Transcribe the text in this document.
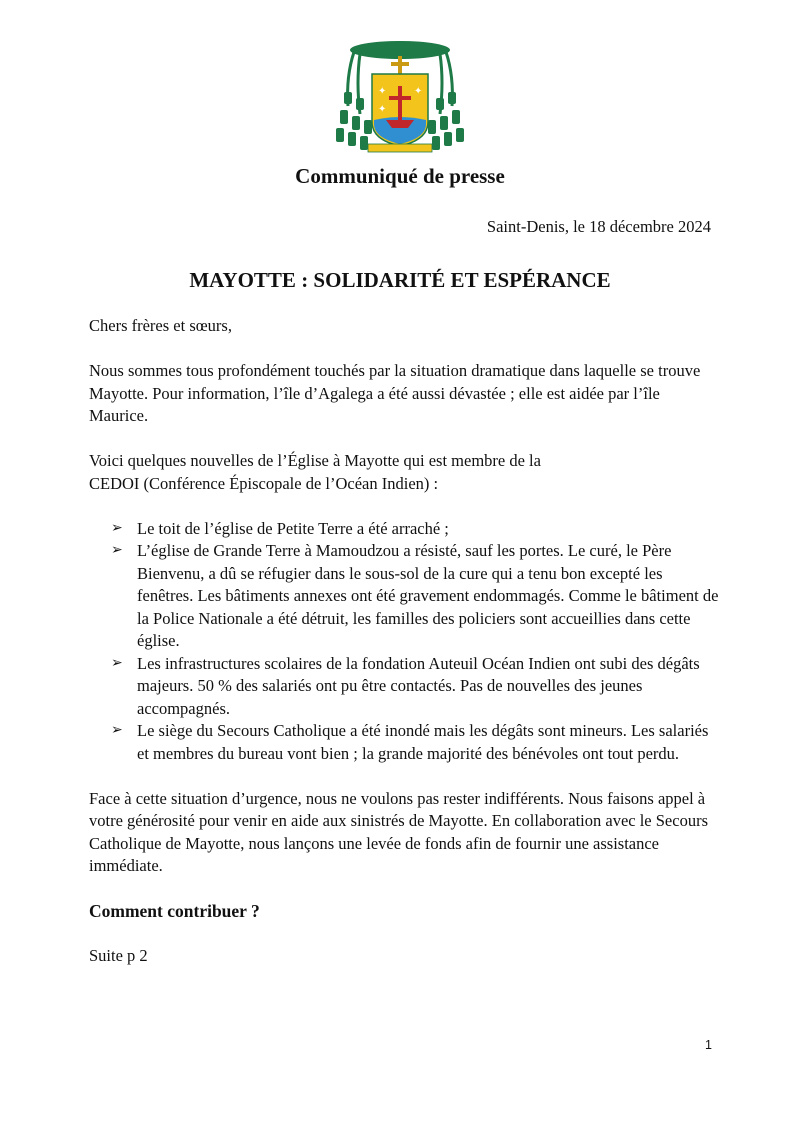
✦	✦
✦
Communiqué de presse
Saint-Denis, le 18 décembre 2024
MAYOTTE : SOLIDARITÉ ET ESPÉRANCE

Chers frères et sœurs,

Nous sommes tous profondément touchés par la situation dramatique dans laquelle se trouve Mayotte. Pour information, l’île d’Agalega a été aussi dévastée ; elle est aidée par l’île Maurice.

Voici quelques nouvelles de l’Église à Mayotte qui est membre de la
CEDOI (Conférence Épiscopale de l’Océan Indien) :

➢ Le toit de l’église de Petite Terre a été arraché ;
➢ L’église de Grande Terre à Mamoudzou a résisté, sauf les portes. Le curé, le Père Bienvenu, a dû se réfugier dans le sous-sol de la cure qui a tenu bon excepté les fenêtres. Les bâtiments annexes ont été gravement endommagés. Comme le bâtiment de la Police Nationale a été détruit, les familles des policiers sont accueillies dans cette église.
➢ Les infrastructures scolaires de la fondation Auteuil Océan Indien ont subi des dégâts majeurs. 50 % des salariés ont pu être contactés. Pas de nouvelles des jeunes accompagnés.
➢ Le siège du Secours Catholique a été inondé mais les dégâts sont mineurs. Les salariés et membres du bureau vont bien ; la grande majorité des bénévoles ont tout perdu.

Face à cette situation d’urgence, nous ne voulons pas rester indifférents. Nous faisons appel à votre générosité pour venir en aide aux sinistrés de Mayotte. En collaboration avec le Secours Catholique de Mayotte, nous lançons une levée de fonds afin de fournir une assistance immédiate.

Comment contribuer ?

Suite p 2

1
